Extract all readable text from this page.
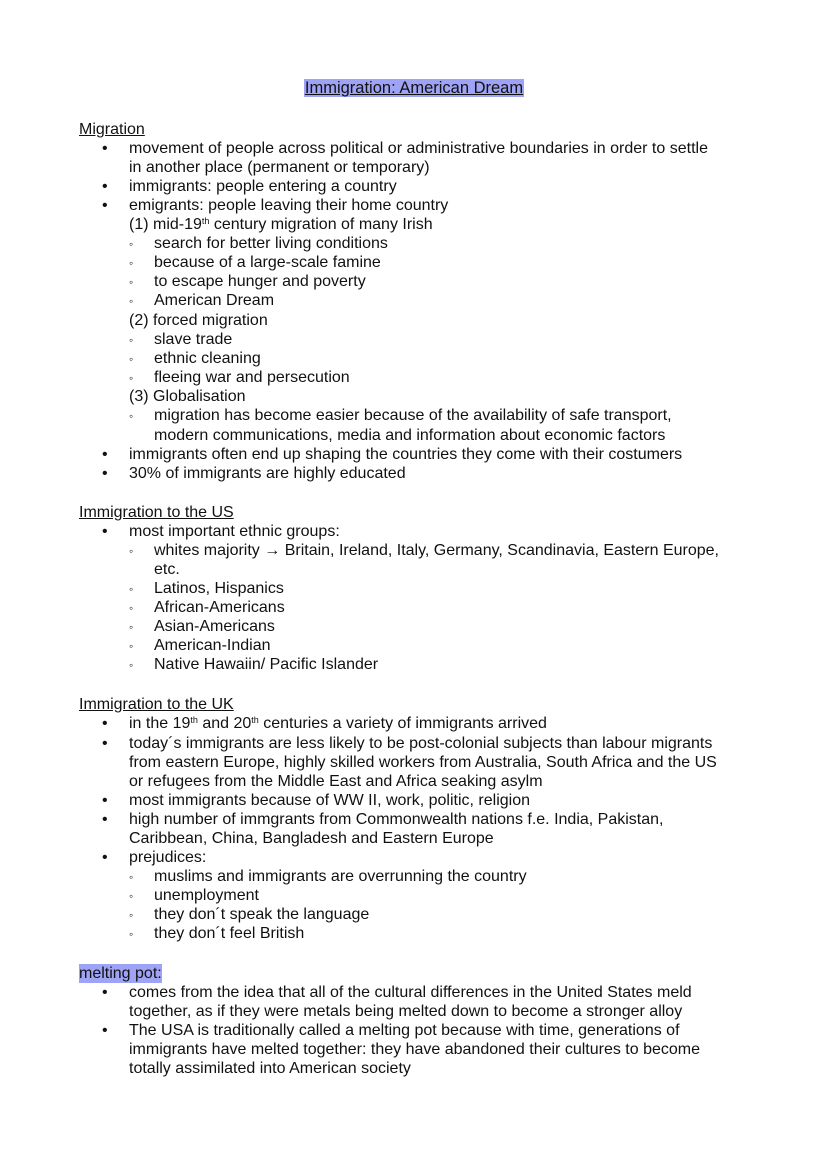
Immigration: American Dream
Migration
• movement of people across political or administrative boundaries in order to settle
in another place (permanent or temporary)
• immigrants: people entering a country
• emigrants: people leaving their home country
(1) mid-19th century migration of many Irish
◦ search for better living conditions
◦ because of a large-scale famine
◦ to escape hunger and poverty
◦ American Dream
(2) forced migration
◦ slave trade
◦ ethnic cleaning
◦ fleeing war and persecution
(3) Globalisation
◦ migration has become easier because of the availability of safe transport,
modern communications, media and information about economic factors
• immigrants often end up shaping the countries they come with their costumers
• 30% of immigrants are highly educated
Immigration to the US
• most important ethnic groups:
◦ whites majority → Britain, Ireland, Italy, Germany, Scandinavia, Eastern Europe,
etc.
◦ Latinos, Hispanics
◦ African-Americans
◦ Asian-Americans
◦ American-Indian
◦ Native Hawaiin/ Pacific Islander
Immigration to the UK
• in the 19th and 20th centuries a variety of immigrants arrived
• today´s immigrants are less likely to be post-colonial subjects than labour migrants
from eastern Europe, highly skilled workers from Australia, South Africa and the US
or refugees from the Middle East and Africa seaking asylm
• most immigrants because of WW II, work, politic, religion
• high number of immgrants from Commonwealth nations f.e. India, Pakistan,
Caribbean, China, Bangladesh and Eastern Europe
• prejudices:
◦ muslims and immigrants are overrunning the country
◦ unemployment
◦ they don´t speak the language
◦ they don´t feel British
melting pot:
• comes from the idea that all of the cultural differences in the United States meld
together, as if they were metals being melted down to become a stronger alloy
• The USA is traditionally called a melting pot because with time, generations of
immigrants have melted together: they have abandoned their cultures to become
totally assimilated into American society
